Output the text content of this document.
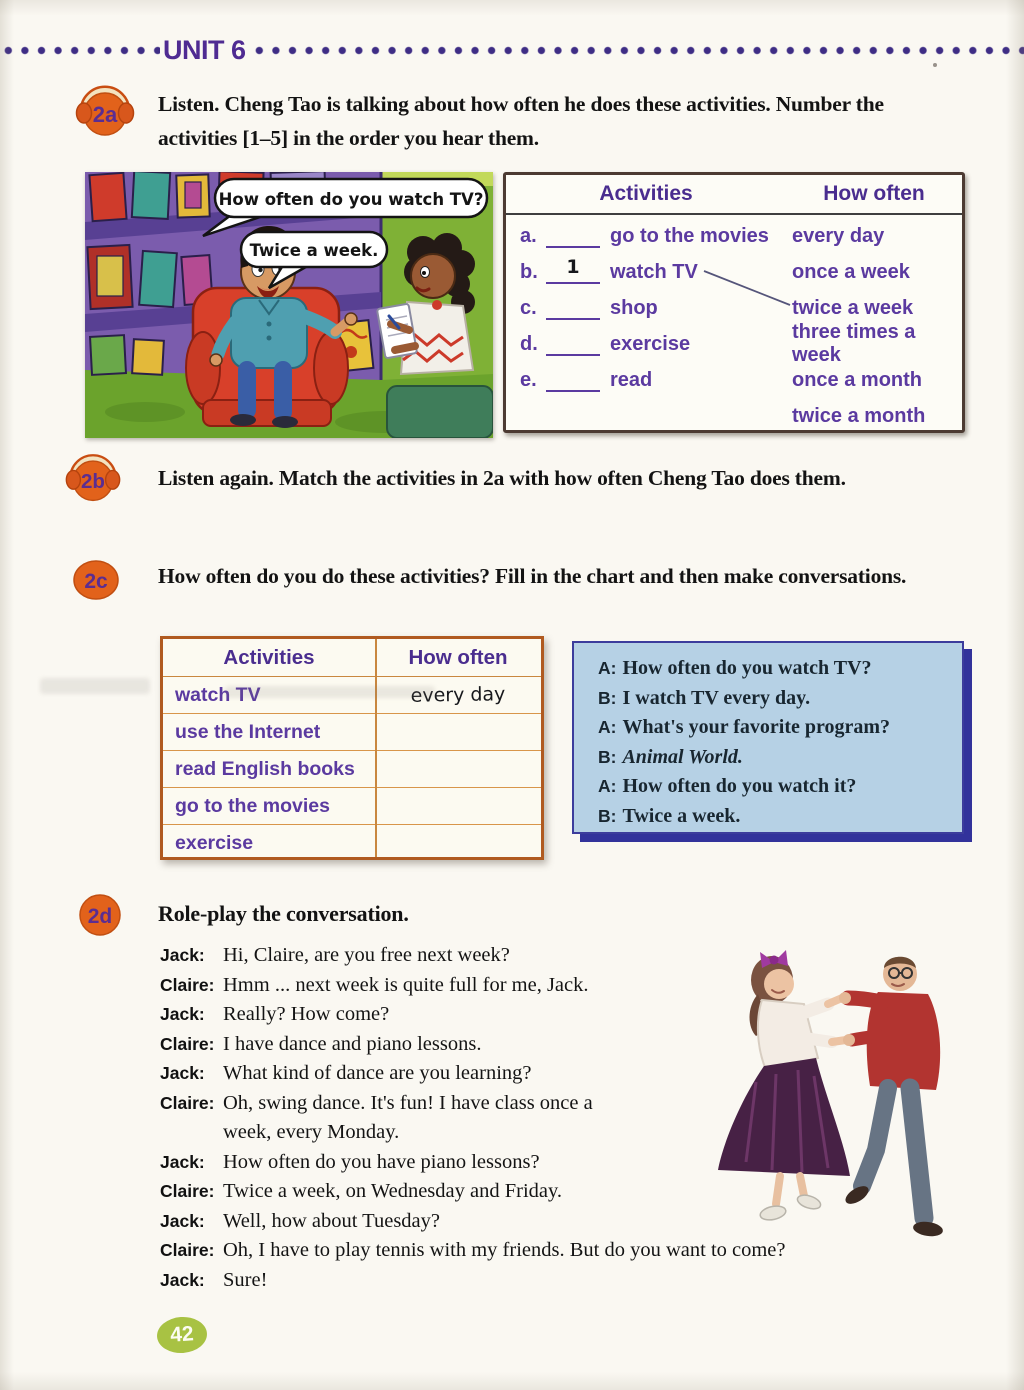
UNIT 6
2a
2b
2c
2d
Listen. Cheng Tao is talking about how often he does these activities. Number the activities [1–5] in the order you hear them.
Listen again. Match the activities in 2a with how often Cheng Tao does them.
How often do you do these activities? Fill in the chart and then make conversations.
Role-play the conversation.
How often do you watch TV?
Twice a week.
Activities	How often
a.	go to the movies
b.	1	watch TV
c.	shop
d.	exercise
e.	read
every day
once a week
twice a week
three times a week
once a month
twice a month
Activities	How often
watch TV	every day
use the Internet
read English books
go to the movies
exercise
A: How often do you watch TV?
B: I watch TV every day.
A: What's your favorite program?
B: Animal World.
A: How often do you watch it?
B: Twice a week.
Jack: Hi, Claire, are you free next week?
Claire: Hmm ... next week is quite full for me, Jack.
Jack: Really? How come?
Claire: I have dance and piano lessons.
Jack: What kind of dance are you learning?
Claire: Oh, swing dance. It's fun! I have class once a
week, every Monday.
Jack: How often do you have piano lessons?
Claire: Twice a week, on Wednesday and Friday.
Jack: Well, how about Tuesday?
Claire: Oh, I have to play tennis with my friends. But do you want to come?
Jack: Sure!
42
